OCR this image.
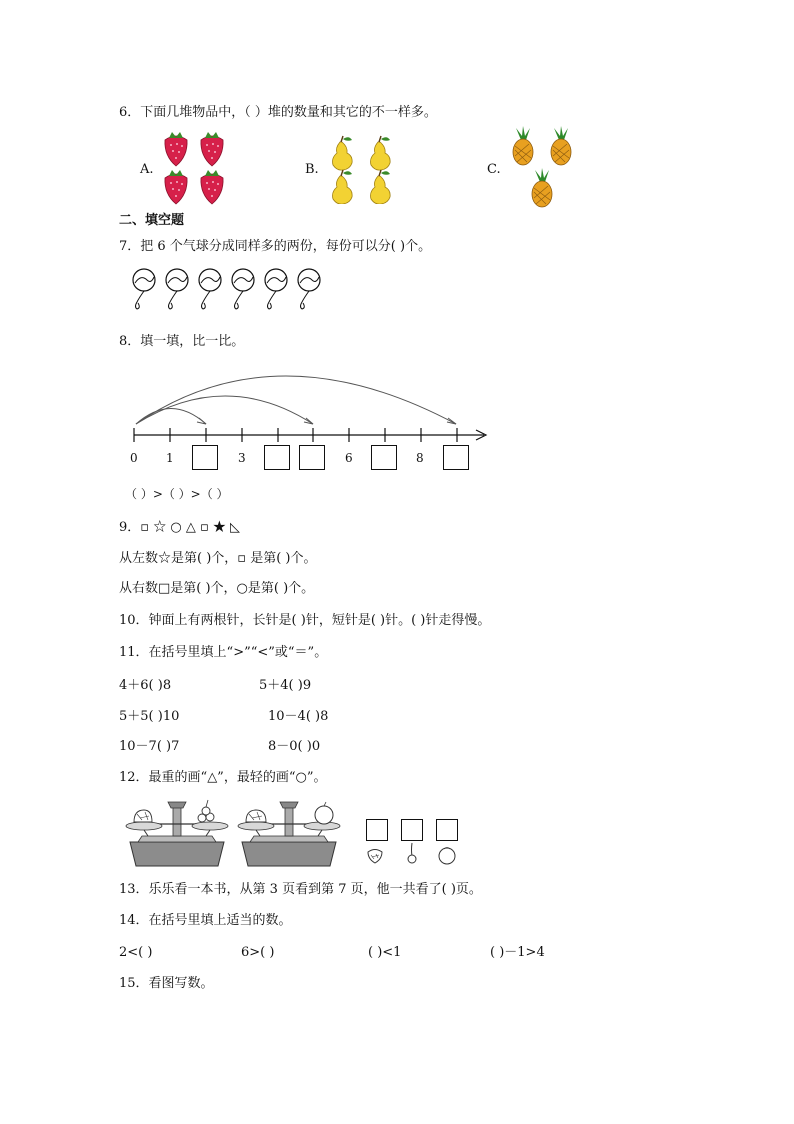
6．下面几堆物品中，（ ）堆的数量和其它的不一样多。
A.	B.	C.
二、填空题
7．把 6 个气球分成同样多的两份，每份可以分( )个。
8．填一填，比一比。
0 1	3	6	8
（ ）>（ ）>（ ）
9．▫ ☆ ○ △ ▫ ★ ◺
从左数☆是第( )个，▫ 是第( )个。
从右数□是第( )个，○是第( )个。
10．钟面上有两根针，长针是( )针，短针是( )针。( )针走得慢。
11．在括号里填上“>”“<”或“＝”。
4＋6( )8	5＋4( )9
5＋5( )10	10－4( )8
10－7( )7	8－0( )0
12．最重的画“△”，最轻的画“○”。
13．乐乐看一本书，从第 3 页看到第 7 页，他一共看了( )页。
14．在括号里填上适当的数。
2<( )	6>( )	( )<1	( )－1>4
15．看图写数。
